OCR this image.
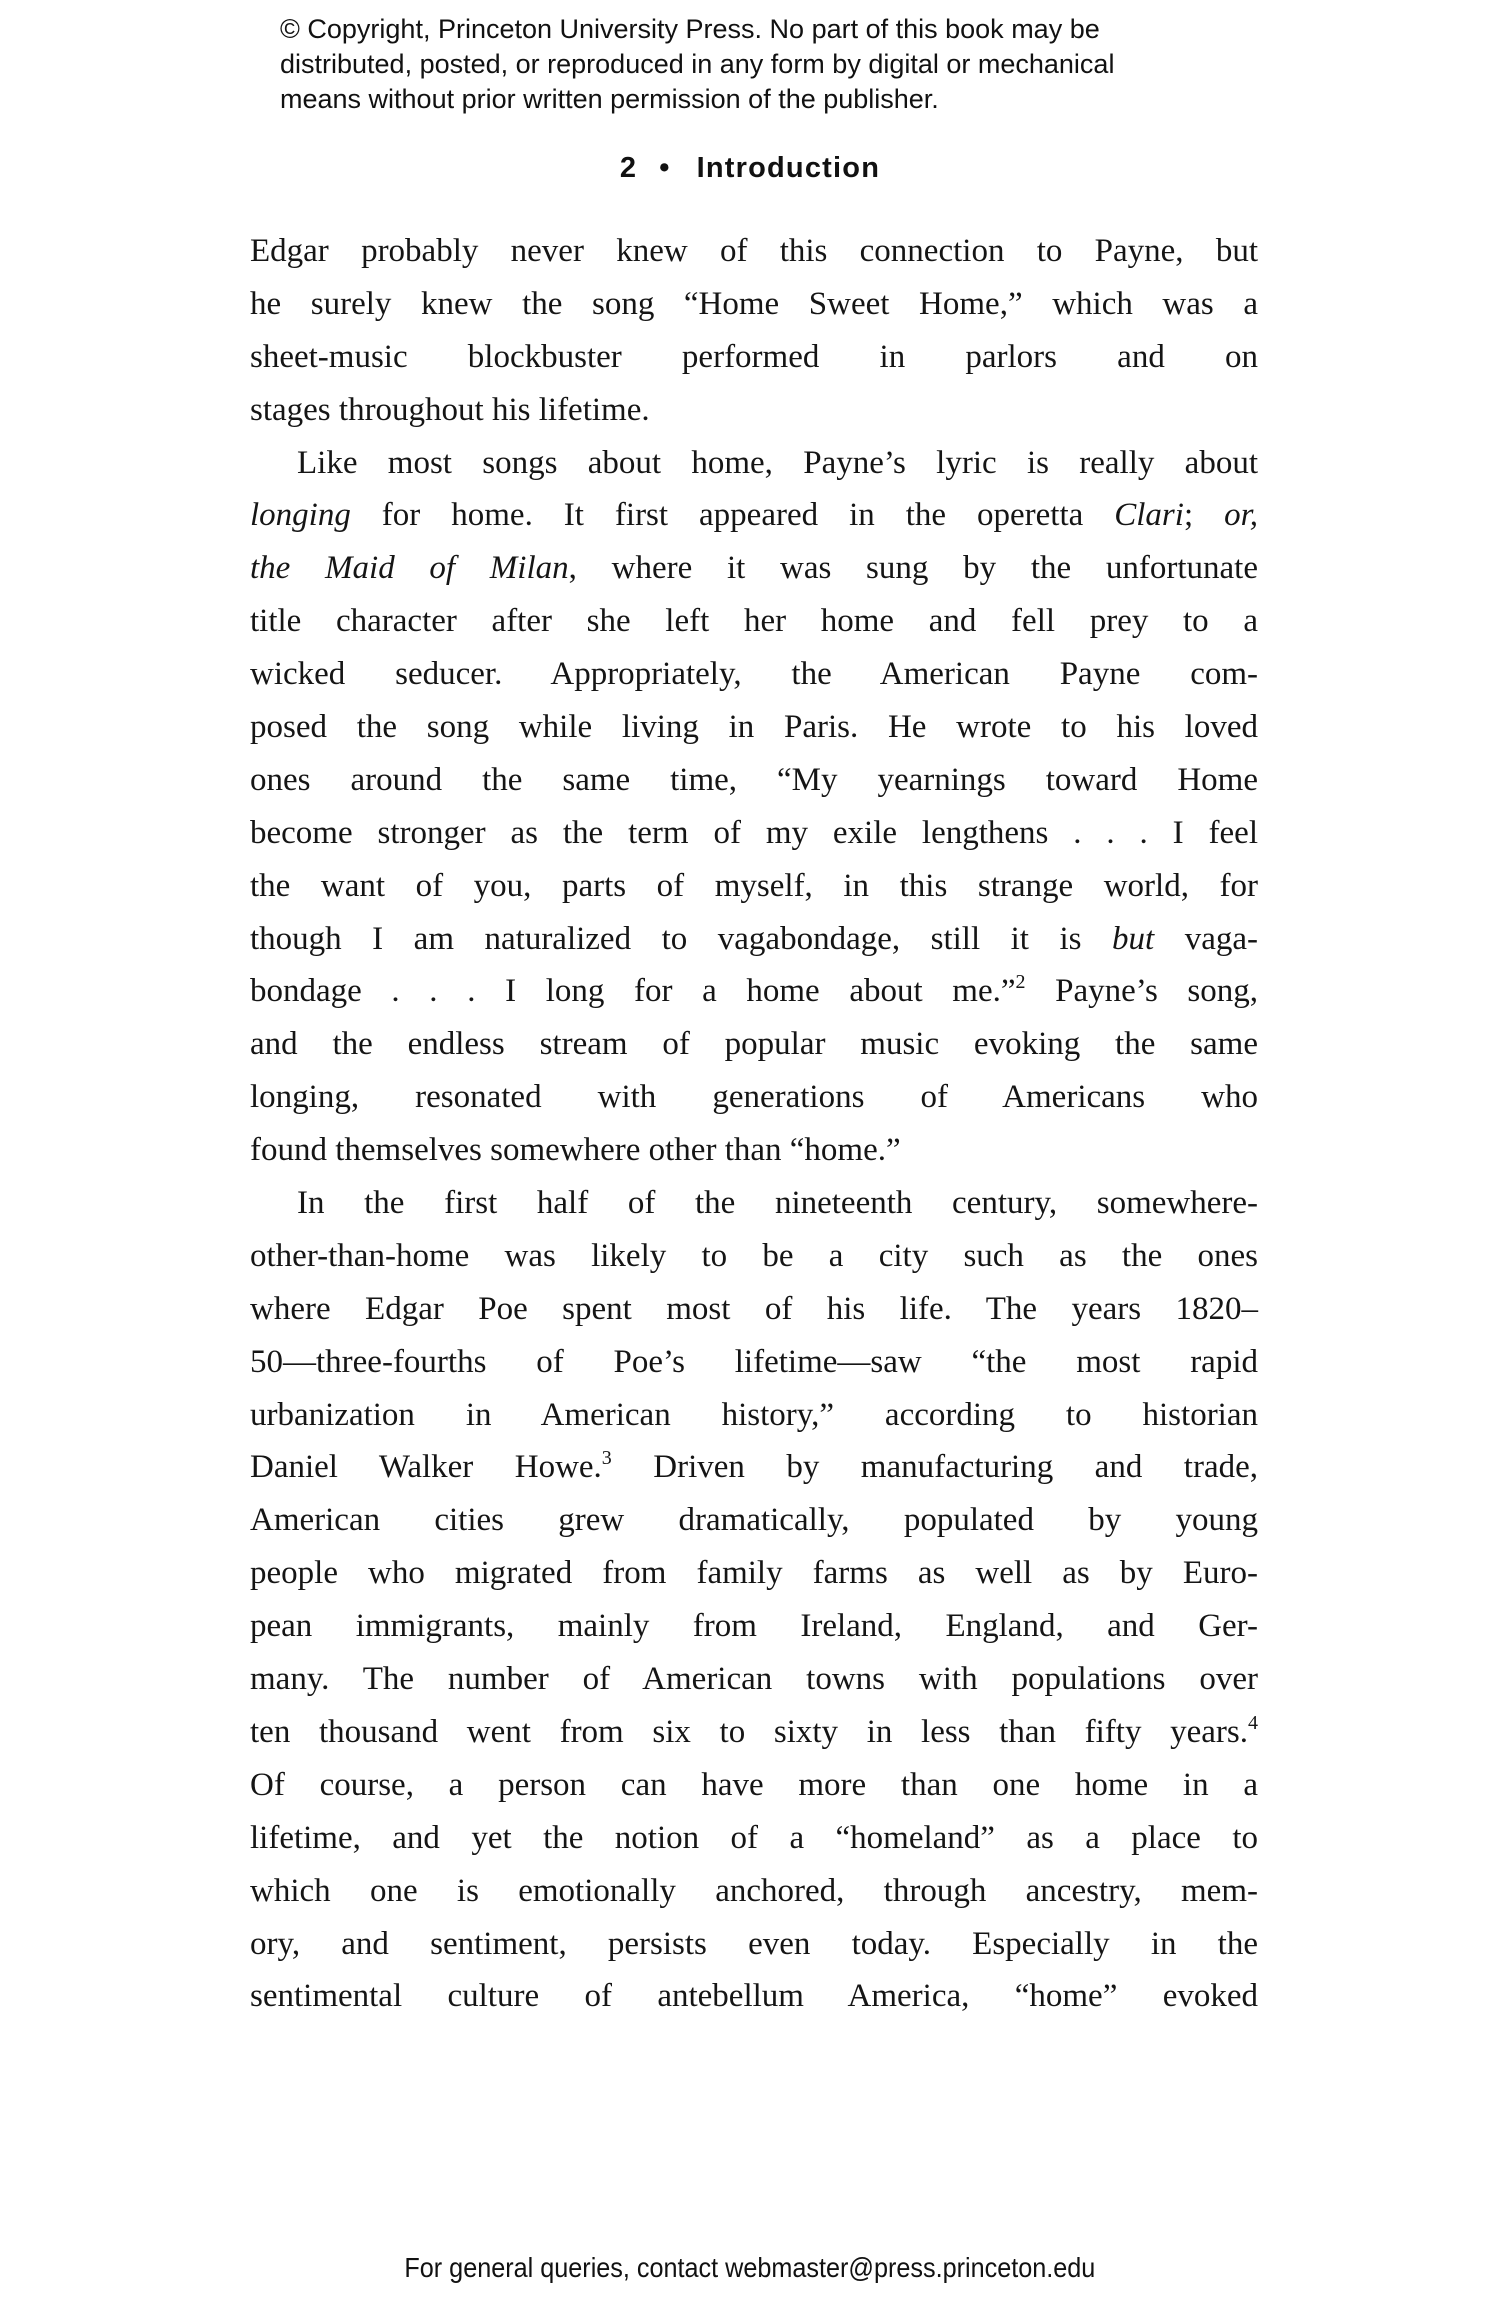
© Copyright, Princeton University Press. No part of this book may be
distributed, posted, or reproduced in any form by digital or mechanical
means without prior written permission of the publisher.
2 • Introduction
Edgar probably never knew of this connection to Payne, but
he surely knew the song “Home Sweet Home,” which was a
sheet-music blockbuster performed in parlors and on
stages throughout his lifetime.
Like most songs about home, Payne’s lyric is really about
longing for home. It first appeared in the operetta Clari; or,
the Maid of Milan, where it was sung by the unfortunate
title character after she left her home and fell prey to a
wicked seducer. Appropriately, the American Payne com-
posed the song while living in Paris. He wrote to his loved
ones around the same time, “My yearnings toward Home
become stronger as the term of my exile lengthens . . . I feel
the want of you, parts of myself, in this strange world, for
though I am naturalized to vagabondage, still it is but vaga-
bondage . . . I long for a home about me.”$^2$ Payne’s song,
and the endless stream of popular music evoking the same
longing, resonated with generations of Americans who
found themselves somewhere other than “home.”
In the first half of the nineteenth century, somewhere-
other-than-home was likely to be a city such as the ones
where Edgar Poe spent most of his life. The years 1820–
50—three-fourths of Poe’s lifetime—saw “the most rapid
urbanization in American history,” according to historian
Daniel Walker Howe.$^3$ Driven by manufacturing and trade,
American cities grew dramatically, populated by young
people who migrated from family farms as well as by Euro-
pean immigrants, mainly from Ireland, England, and Ger-
many. The number of American towns with populations over
ten thousand went from six to sixty in less than fifty years.$^4$
Of course, a person can have more than one home in a
lifetime, and yet the notion of a “homeland” as a place to
which one is emotionally anchored, through ancestry, mem-
ory, and sentiment, persists even today. Especially in the
sentimental culture of antebellum America, “home” evoked
For general queries, contact webmaster@press.princeton.edu
